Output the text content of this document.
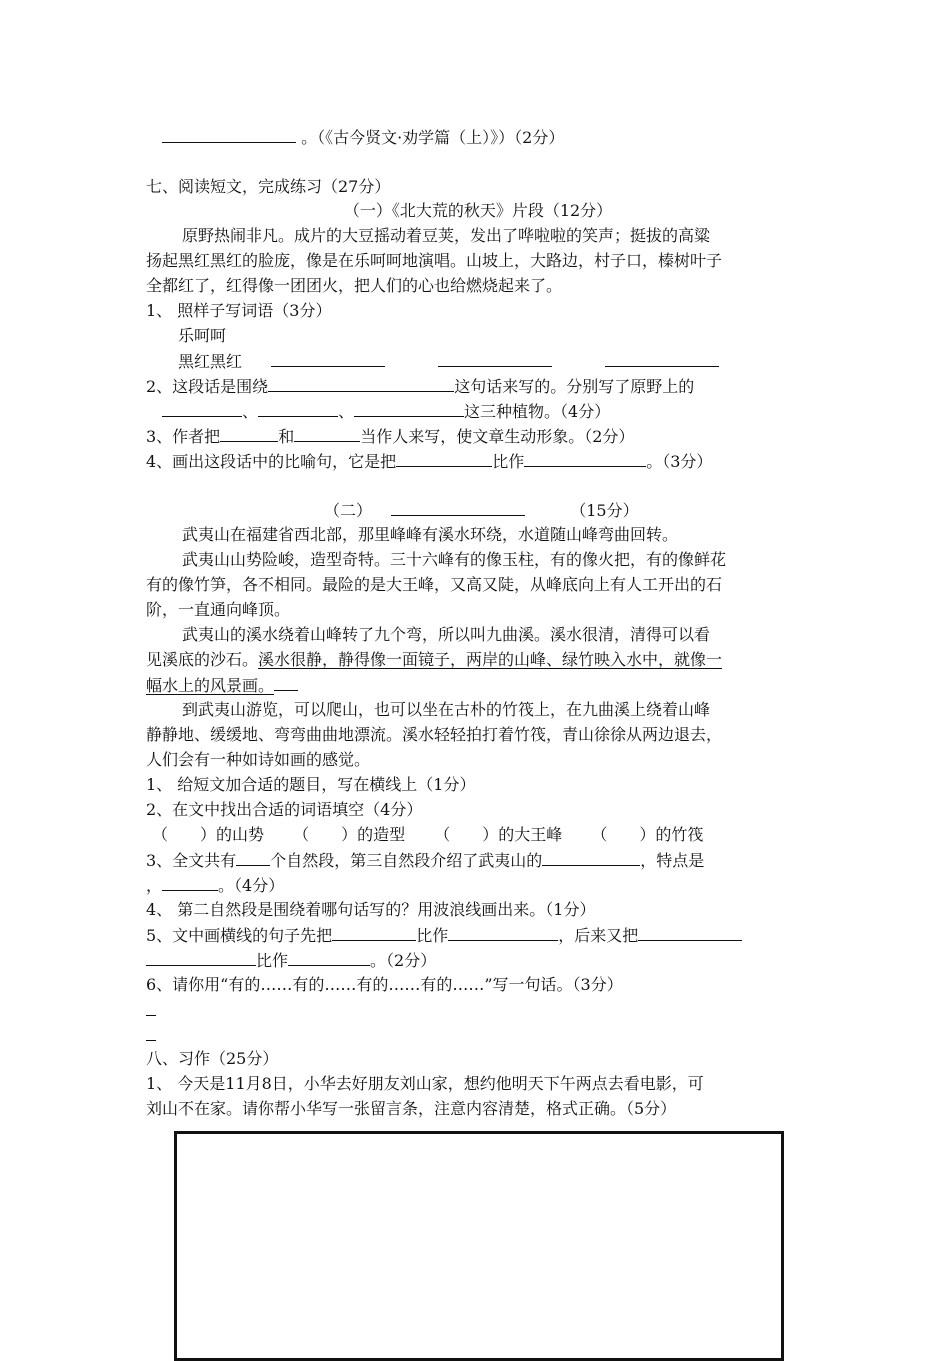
。（《古今贤文·劝学篇（上）》）（2分）
七、阅读短文，完成练习（27分）
（一）《北大荒的秋天》片段（12分）
原野热闹非凡。成片的大豆摇动着豆荚，发出了哗啦啦的笑声；挺拔的高粱
扬起黑红黑红的脸庞，像是在乐呵呵地演唱。山坡上，大路边，村子口，榛树叶子
全都红了，红得像一团团火，把人们的心也给燃烧起来了。
1、 照样子写词语（3分）
乐呵呵
黑红黑红
2、这段话是围绕	这句话来写的。分别写了原野上的
、	、	这三种植物。（4分）
3、作者把	和	当作人来写，使文章生动形象。（2分）
4、画出这段话中的比喻句，它是把	比作	。（3分）
（二）	（15分）
武夷山在福建省西北部，那里峰峰有溪水环绕，水道随山峰弯曲回转。
武夷山山势险峻，造型奇特。三十六峰有的像玉柱，有的像火把，有的像鲜花
有的像竹笋，各不相同。最险的是大王峰，又高又陡，从峰底向上有人工开出的石
阶，一直通向峰顶。
武夷山的溪水绕着山峰转了九个弯，所以叫九曲溪。溪水很清，清得可以看
见溪底的沙石。溪水很静，静得像一面镜子，两岸的山峰、绿竹映入水中，就像一
幅水上的风景画。
到武夷山游览，可以爬山，也可以坐在古朴的竹筏上，在九曲溪上绕着山峰
静静地、缓缓地、弯弯曲曲地漂流。溪水轻轻拍打着竹筏，青山徐徐从两边退去，
人们会有一种如诗如画的感觉。
1、 给短文加合适的题目，写在横线上（1分）
2、在文中找出合适的词语填空（4分）
（　　）的山势 （　　）的造型 （　　）的大王峰 （　　）的竹筏
3、全文共有 个自然段，第三自然段介绍了武夷山的	，特点是
，	。（4分）
4、 第二自然段是围绕着哪句话写的？用波浪线画出来。（1分）
5、文中画横线的句子先把	比作	，后来又把
比作	。（2分）
6、请你用“有的……有的……有的……有的……”写一句话。（3分）
八、习作（25分）
1、 今天是11月8日，小华去好朋友刘山家，想约他明天下午两点去看电影，可
刘山不在家。请你帮小华写一张留言条，注意内容清楚，格式正确。（5分）
